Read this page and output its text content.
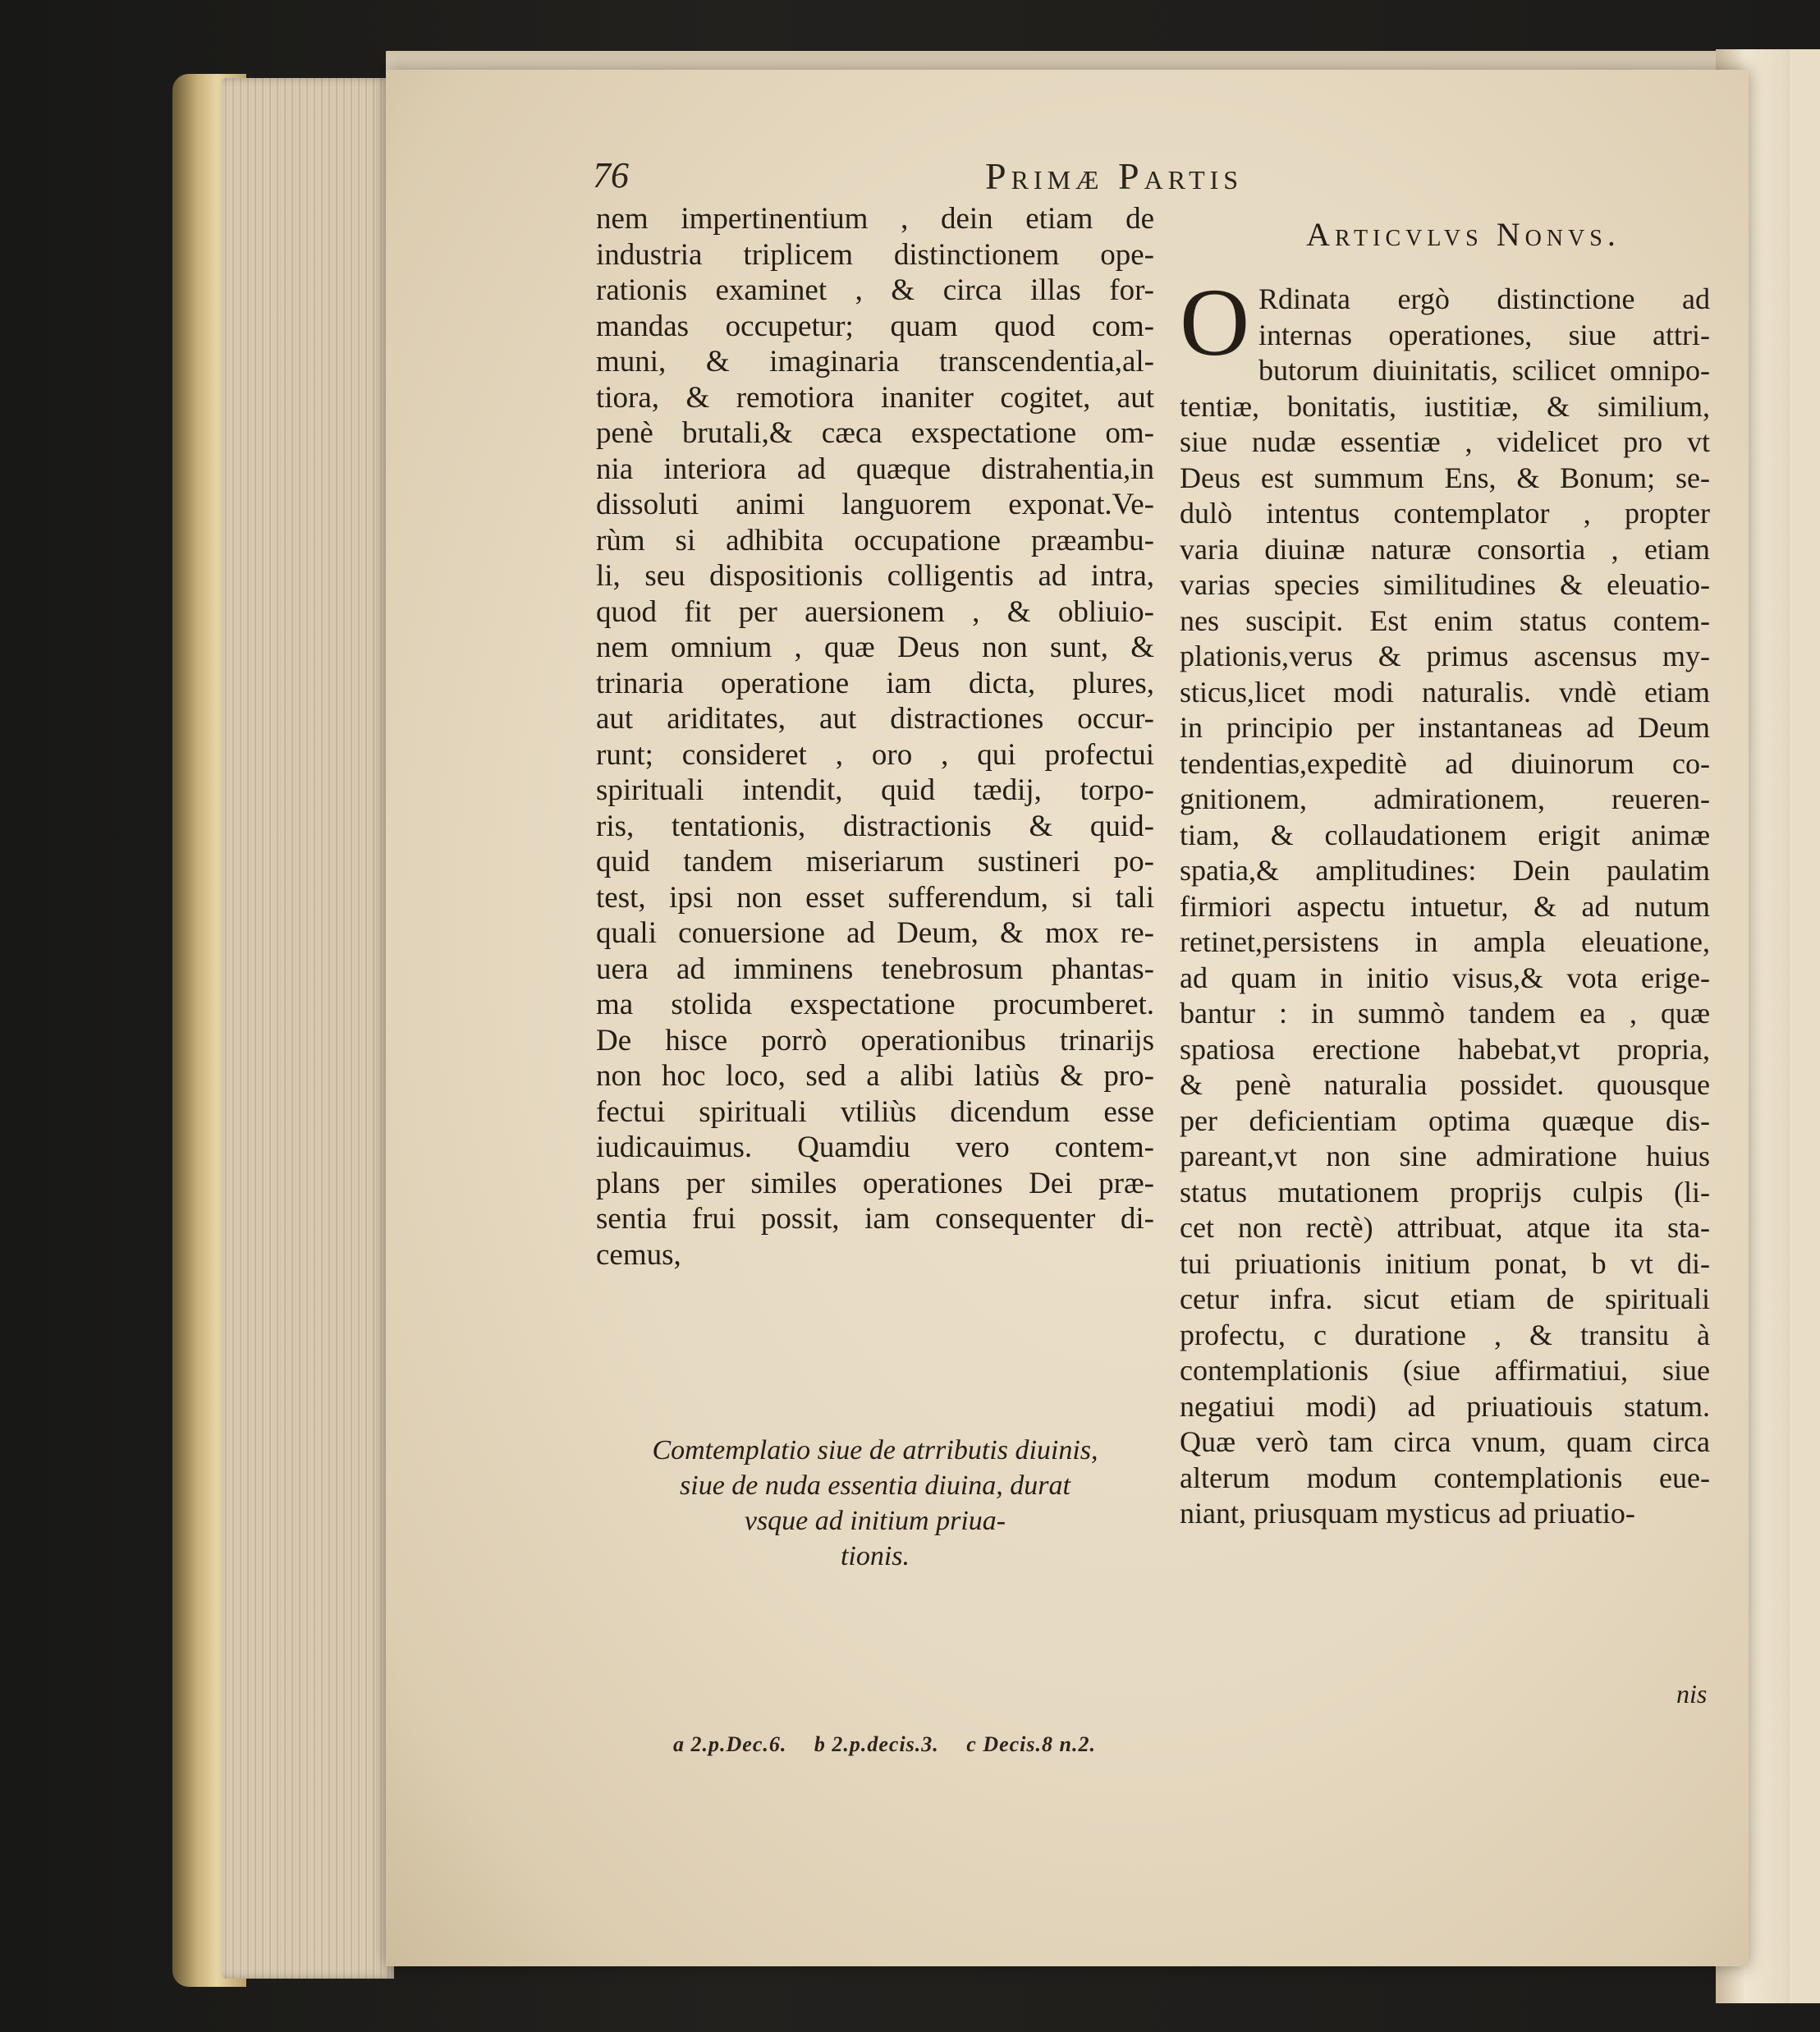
76	Primæ Partis
nem impertinentium , dein etiam de
industria triplicem distinctionem ope-
rationis examinet , & circa illas for-
mandas occupetur; quam quod com-
muni, & imaginaria transcendentia,al-
tiora, & remotiora inaniter cogitet, aut
penè brutali,& cæca exspectatione om-
nia interiora ad quæque distrahentia,in
dissoluti animi languorem exponat.Ve-
rùm si adhibita occupatione præambu-
li, seu dispositionis colligentis ad intra,
quod fit per auersionem , & obliuio-
nem omnium , quæ Deus non sunt, &
trinaria operatione iam dicta, plures,
aut ariditates, aut distractiones occur-
runt; consideret , oro , qui profectui
spirituali intendit, quid tædij, torpo-
ris, tentationis, distractionis & quid-
quid tandem miseriarum sustineri po-
test, ipsi non esset sufferendum, si tali
quali conuersione ad Deum, & mox re-
uera ad imminens tenebrosum phantas-
ma stolida exspectatione procumberet.
De hisce porrò operationibus trinarijs
non hoc loco, sed a alibi latiùs & pro-
fectui spirituali vtiliùs dicendum esse
iudicauimus. Quamdiu vero contem-
plans per similes operationes Dei præ-
sentia frui possit, iam consequenter di-
cemus,
Comtemplatio siue de atrributis diuinis,
siue de nuda essentia diuina, durat
vsque ad initium priua-
tionis.
Articvlvs Nonvs.
O Rdinata ergò distinctione ad
internas operationes, siue attri-
butorum diuinitatis, scilicet omnipo-
tentiæ, bonitatis, iustitiæ, & similium,
siue nudæ essentiæ , videlicet pro vt
Deus est summum Ens, & Bonum; se-
dulò intentus contemplator , propter
varia diuinæ naturæ consortia , etiam
varias species similitudines & eleuatio-
nes suscipit. Est enim status contem-
plationis,verus & primus ascensus my-
sticus,licet modi naturalis. vndè etiam
in principio per instantaneas ad Deum
tendentias,expeditè ad diuinorum co-
gnitionem, admirationem, reueren-
tiam, & collaudationem erigit animæ
spatia,& amplitudines: Dein paulatim
firmiori aspectu intuetur, & ad nutum
retinet,persistens in ampla eleuatione,
ad quam in initio visus,& vota erige-
bantur : in summò tandem ea , quæ
spatiosa erectione habebat,vt propria,
& penè naturalia possidet. quousque
per deficientiam optima quæque dis-
pareant,vt non sine admiratione huius
status mutationem proprijs culpis (li-
cet non rectè) attribuat, atque ita sta-
tui priuationis initium ponat, b vt di-
cetur infra. sicut etiam de spirituali
profectu, c duratione , & transitu à
contemplationis (siue affirmatiui, siue
negatiui modi) ad priuatiouis statum.
Quæ verò tam circa vnum, quam circa
alterum modum contemplationis eue-
niant, priusquam mysticus ad priuatio-
nis
a 2.p.Dec.6. b 2.p.decis.3. c Decis.8 n.2.
